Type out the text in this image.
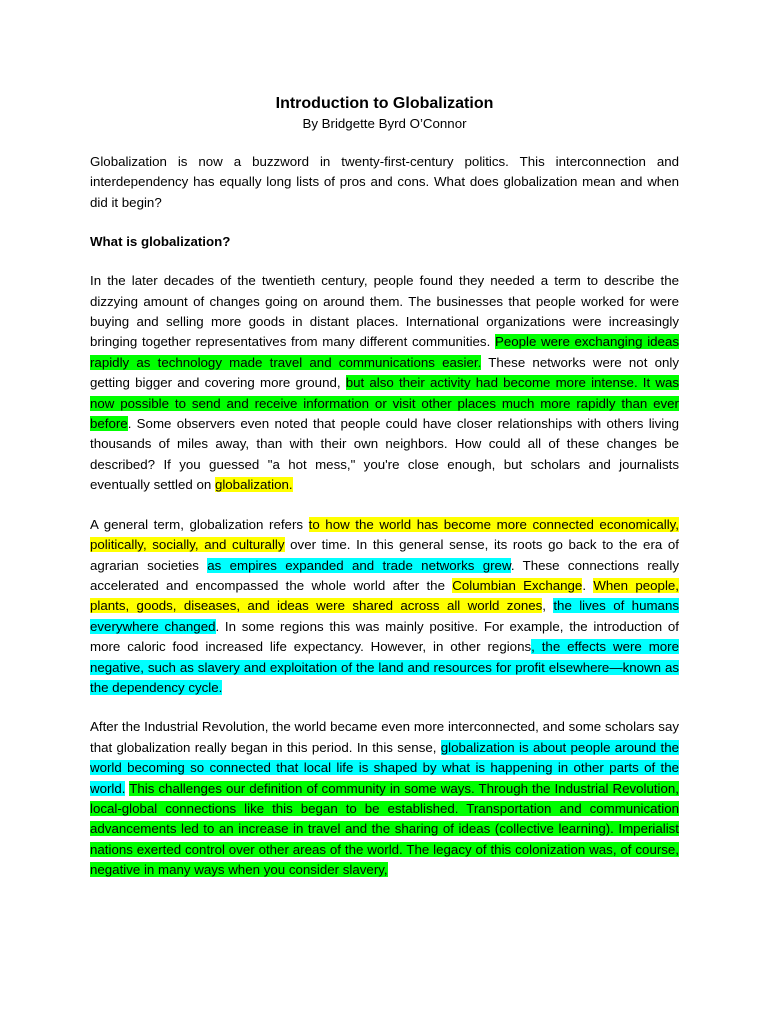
Introduction to Globalization
By Bridgette Byrd O’Connor

Globalization is now a buzzword in twenty-first-century politics. This interconnection and interdependency has equally long lists of pros and cons. What does globalization mean and when did it begin?

What is globalization?

In the later decades of the twentieth century, people found they needed a term to describe the dizzying amount of changes going on around them. The businesses that people worked for were buying and selling more goods in distant places. International organizations were increasingly bringing together representatives from many different communities. People were exchanging ideas rapidly as technology made travel and communications easier. These networks were not only getting bigger and covering more ground, but also their activity had become more intense. It was now possible to send and receive information or visit other places much more rapidly than ever before. Some observers even noted that people could have closer relationships with others living thousands of miles away, than with their own neighbors. How could all of these changes be described? If you guessed "a hot mess," you're close enough, but scholars and journalists eventually settled on globalization.

A general term, globalization refers to how the world has become more connected economically, politically, socially, and culturally over time. In this general sense, its roots go back to the era of agrarian societies as empires expanded and trade networks grew. These connections really accelerated and encompassed the whole world after the Columbian Exchange. When people, plants, goods, diseases, and ideas were shared across all world zones, the lives of humans everywhere changed. In some regions this was mainly positive. For example, the introduction of more caloric food increased life expectancy. However, in other regions, the effects were more negative, such as slavery and exploitation of the land and resources for profit elsewhere—known as the dependency cycle.

After the Industrial Revolution, the world became even more interconnected, and some scholars say that globalization really began in this period. In this sense, globalization is about people around the world becoming so connected that local life is shaped by what is happening in other parts of the world. This challenges our definition of community in some ways. Through the Industrial Revolution, local-global connections like this began to be established. Transportation and communication advancements led to an increase in travel and the sharing of ideas (collective learning). Imperialist nations exerted control over other areas of the world. The legacy of this colonization was, of course, negative in many ways when you consider slavery,
